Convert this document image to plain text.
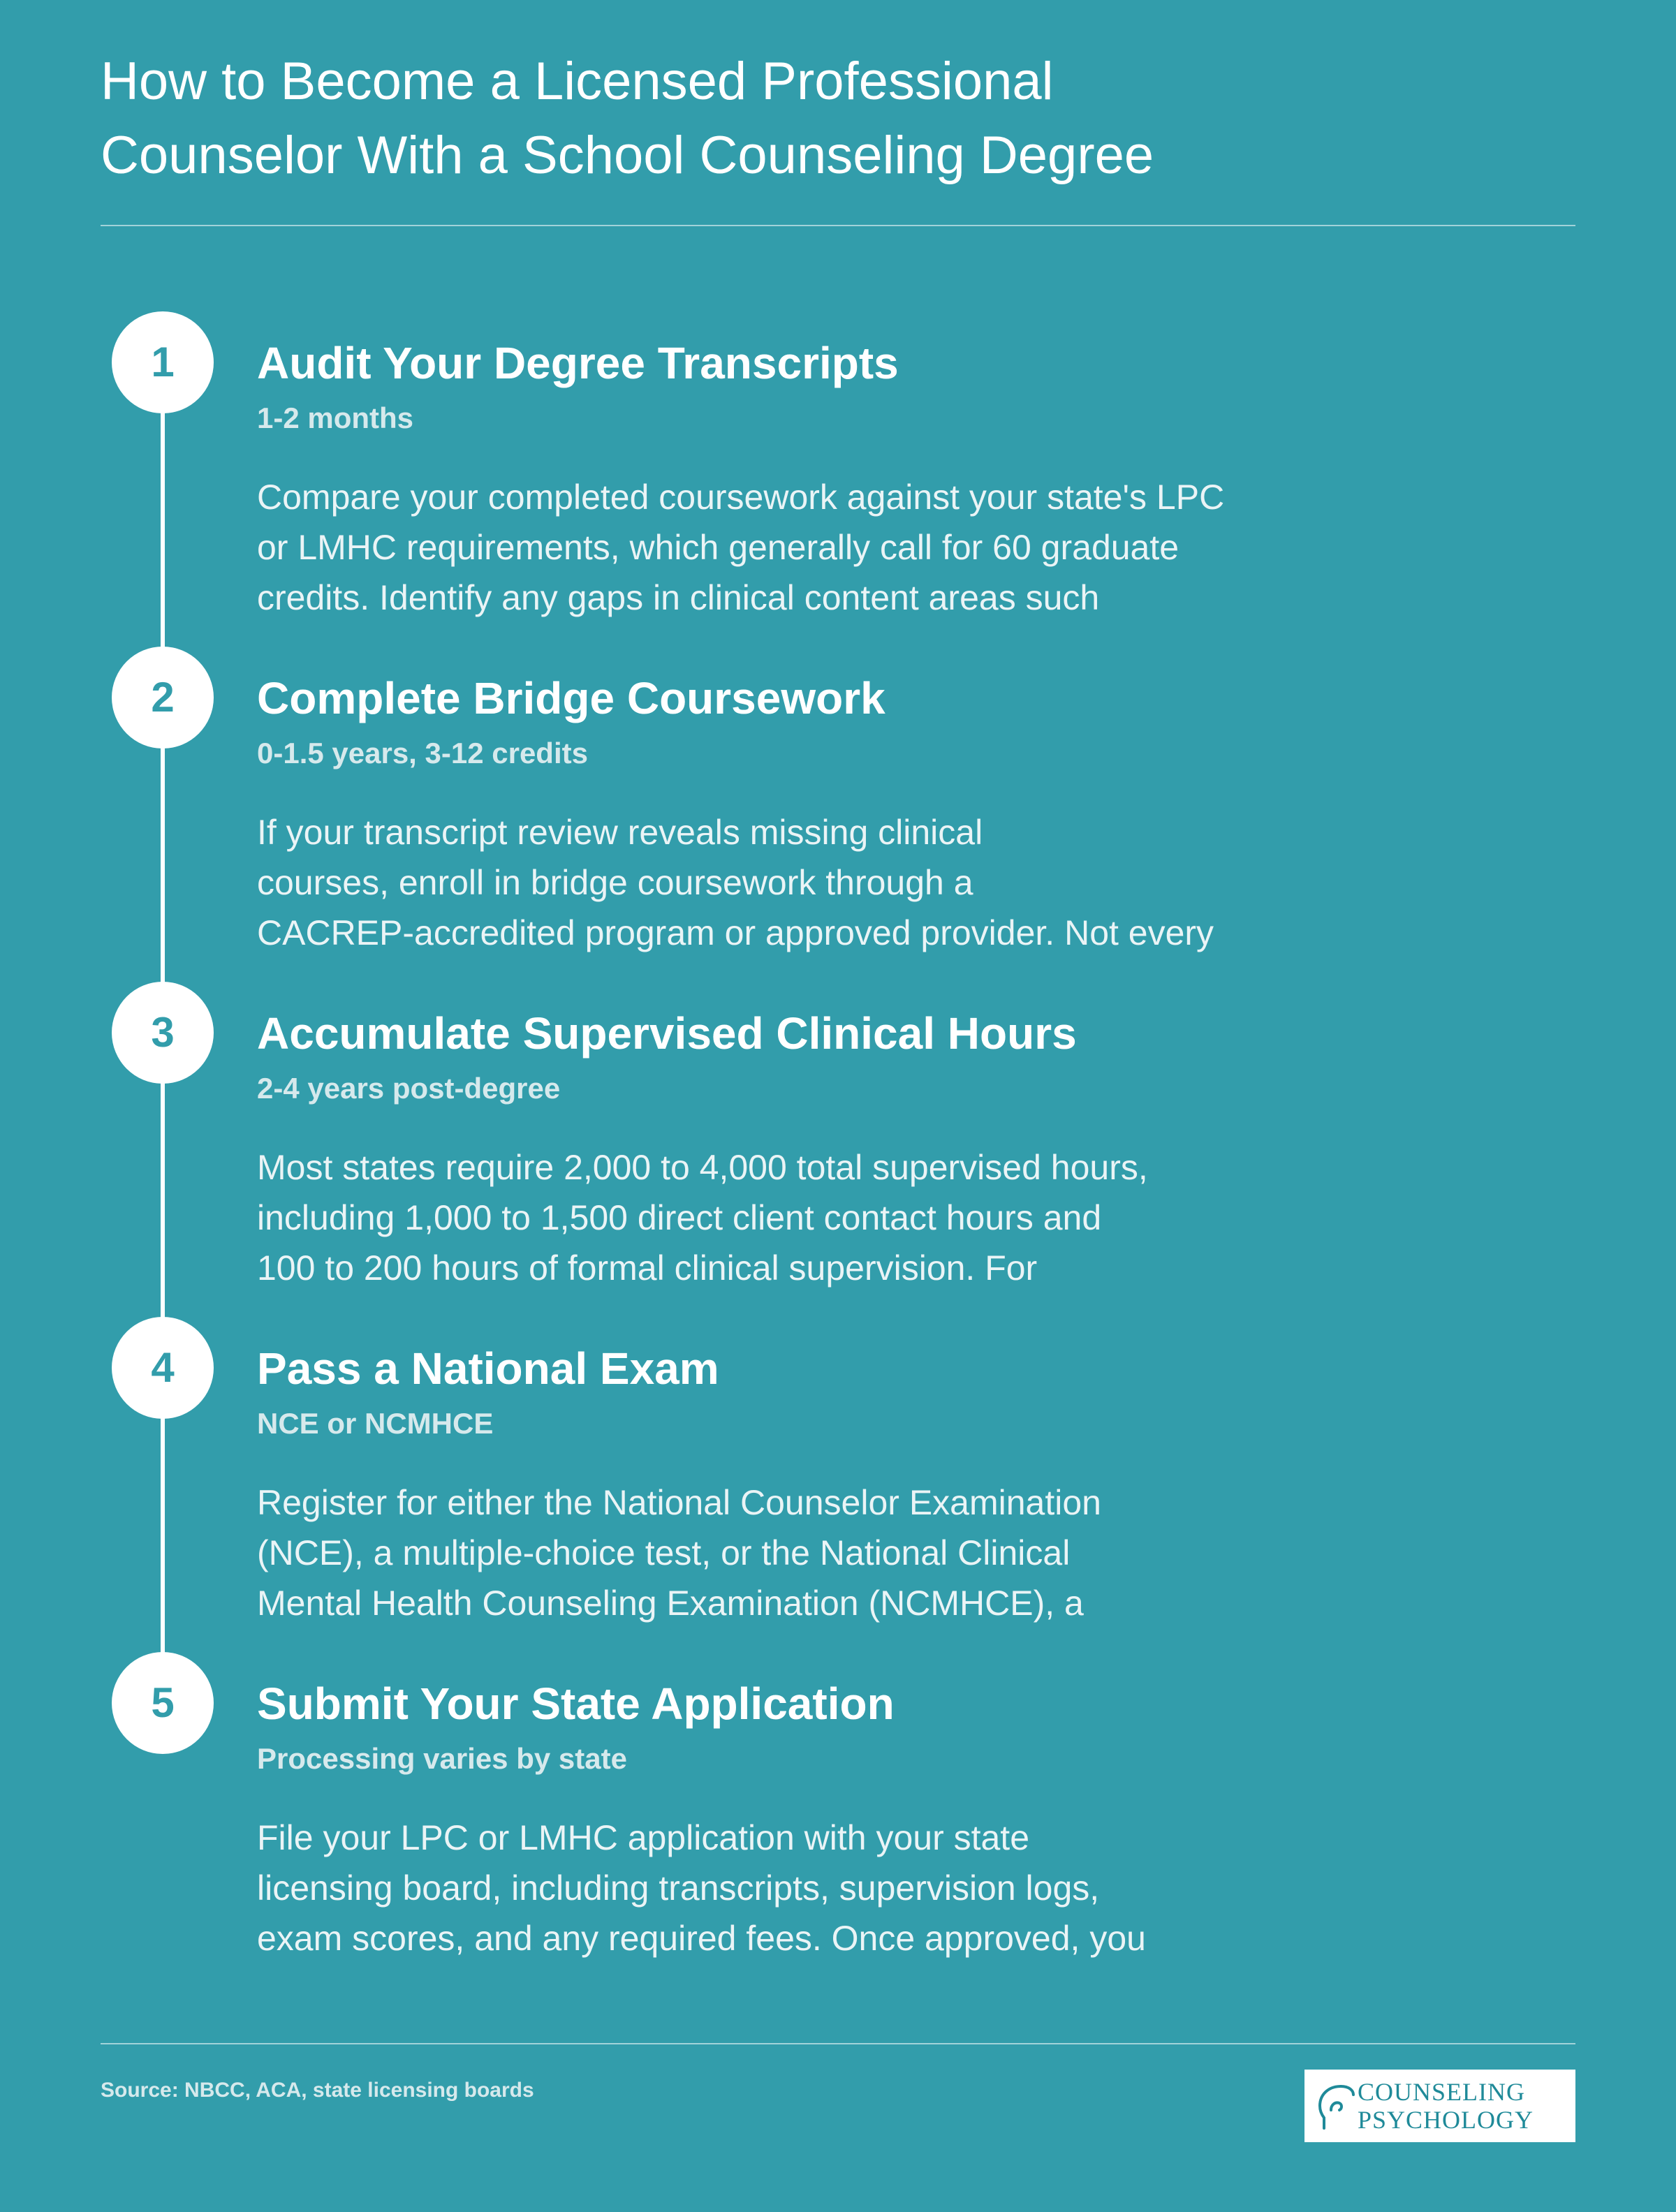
How to Become a Licensed Professional
Counselor With a School Counseling Degree
1	Audit Your Degree Transcripts
1-2 months
Compare your completed coursework against your state's LPC
or LMHC requirements, which generally call for 60 graduate
credits. Identify any gaps in clinical content areas such
2	Complete Bridge Coursework
0-1.5 years, 3-12 credits
If your transcript review reveals missing clinical
courses, enroll in bridge coursework through a
CACREP-accredited program or approved provider. Not every
3	Accumulate Supervised Clinical Hours
2-4 years post-degree
Most states require 2,000 to 4,000 total supervised hours,
including 1,000 to 1,500 direct client contact hours and
100 to 200 hours of formal clinical supervision. For
4	Pass a National Exam
NCE or NCMHCE
Register for either the National Counselor Examination
(NCE), a multiple-choice test, or the National Clinical
Mental Health Counseling Examination (NCMHCE), a
5	Submit Your State Application
Processing varies by state
File your LPC or LMHC application with your state
licensing board, including transcripts, supervision logs,
exam scores, and any required fees. Once approved, you
Source: NBCC, ACA, state licensing boards	COUNSELING
PSYCHOLOGY
